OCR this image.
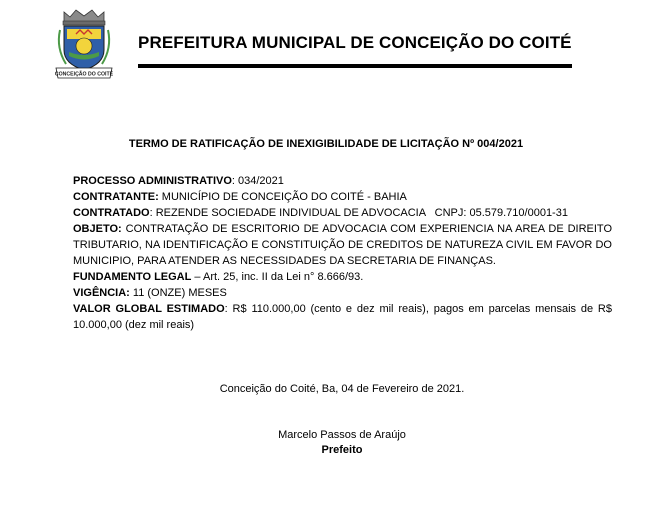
CONCEIÇÃO DO COITÉ
PREFEITURA MUNICIPAL DE CONCEIÇÃO DO COITÉ
TERMO DE RATIFICAÇÃO DE INEXIGIBILIDADE DE LICITAÇÃO Nº 004/2021
PROCESSO ADMINISTRATIVO: 034/2021
CONTRATANTE: MUNICÍPIO DE CONCEIÇÃO DO COITÉ - BAHIA
CONTRATADO: REZENDE SOCIEDADE INDIVIDUAL DE ADVOCACIA   CNPJ: 05.579.710/0001-31
OBJETO: CONTRATAÇÃO DE ESCRITORIO DE ADVOCACIA COM EXPERIENCIA NA AREA DE DIREITO TRIBUTARIO, NA IDENTIFICAÇÃO E CONSTITUIÇÃO DE CREDITOS DE NATUREZA CIVIL EM FAVOR DO MUNICIPIO, PARA ATENDER AS NECESSIDADES DA SECRETARIA DE FINANÇAS.
FUNDAMENTO LEGAL – Art. 25, inc. II da Lei n° 8.666/93.
VIGÊNCIA: 11 (ONZE) MESES
VALOR GLOBAL ESTIMADO: R$ 110.000,00 (cento e dez mil reais), pagos em parcelas mensais de R$ 10.000,00 (dez mil reais)
Conceição do Coité, Ba, 04 de Fevereiro de 2021.
Marcelo Passos de Araújo
Prefeito
